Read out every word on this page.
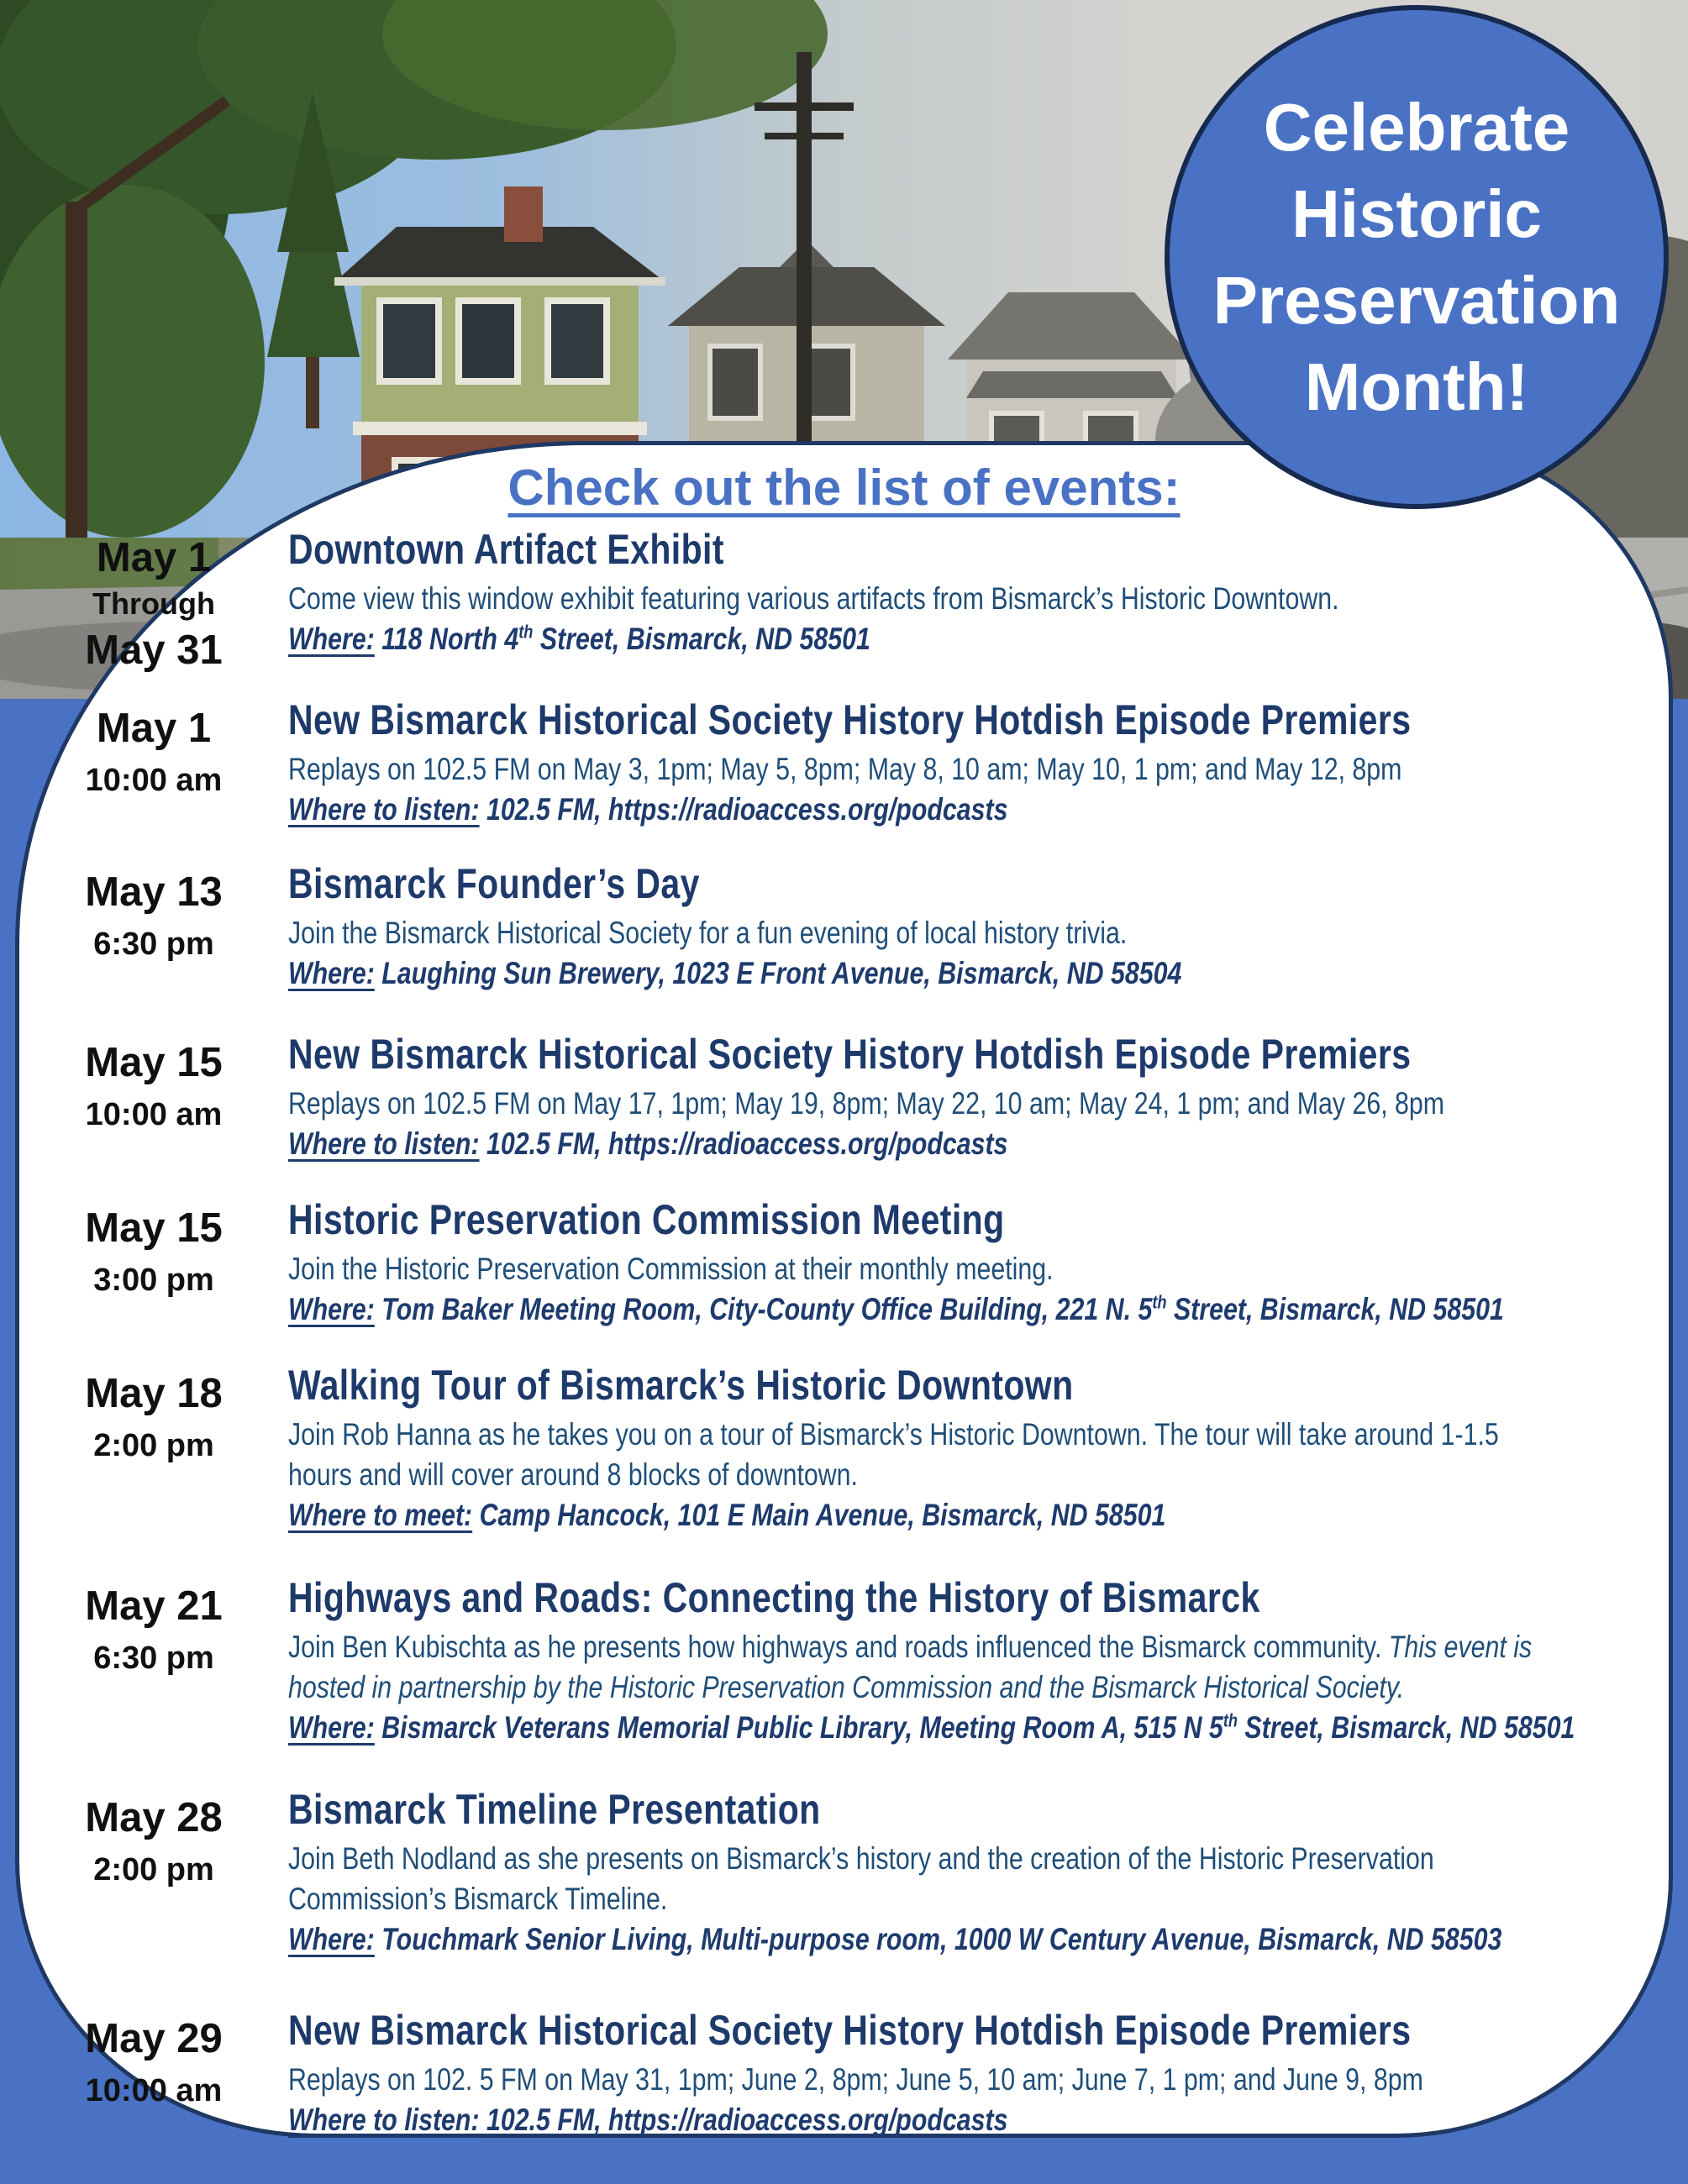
Check out the list of events:
May 1
Through
May 31
Downtown Artifact Exhibit
Come view this window exhibit featuring various artifacts from Bismarck’s Historic Downtown.
Where: 118 North 4th Street, Bismarck, ND 58501
May 1
10:00 am
New Bismarck Historical Society History Hotdish Episode Premiers
Replays on 102.5 FM on May 3, 1pm; May 5, 8pm; May 8, 10 am; May 10, 1 pm; and May 12, 8pm
Where to listen: 102.5 FM, https://radioaccess.org/podcasts
May 13
6:30 pm
Bismarck Founder’s Day
Join the Bismarck Historical Society for a fun evening of local history trivia.
Where: Laughing Sun Brewery, 1023 E Front Avenue, Bismarck, ND 58504
May 15
10:00 am
New Bismarck Historical Society History Hotdish Episode Premiers
Replays on 102.5 FM on May 17, 1pm; May 19, 8pm; May 22, 10 am; May 24, 1 pm; and May 26, 8pm
Where to listen: 102.5 FM, https://radioaccess.org/podcasts
May 15
3:00 pm
Historic Preservation Commission Meeting
Join the Historic Preservation Commission at their monthly meeting.
Where: Tom Baker Meeting Room, City-County Office Building, 221 N. 5th Street, Bismarck, ND 58501
May 18
2:00 pm
Walking Tour of Bismarck’s Historic Downtown
Join Rob Hanna as he takes you on a tour of Bismarck’s Historic Downtown. The tour will take around 1-1.5
hours and will cover around 8 blocks of downtown.
Where to meet: Camp Hancock, 101 E Main Avenue, Bismarck, ND 58501
May 21
6:30 pm
Highways and Roads: Connecting the History of Bismarck
Join Ben Kubischta as he presents how highways and roads influenced the Bismarck community. This event is
hosted in partnership by the Historic Preservation Commission and the Bismarck Historical Society.
Where: Bismarck Veterans Memorial Public Library, Meeting Room A, 515 N 5th Street, Bismarck, ND 58501
May 28
2:00 pm
Bismarck Timeline Presentation
Join Beth Nodland as she presents on Bismarck’s history and the creation of the Historic Preservation
Commission’s Bismarck Timeline.
Where: Touchmark Senior Living, Multi-purpose room, 1000 W Century Avenue, Bismarck, ND 58503
May 29
10:00 am
New Bismarck Historical Society History Hotdish Episode Premiers
Replays on 102. 5 FM on May 31, 1pm; June 2, 8pm; June 5, 10 am; June 7, 1 pm; and June 9, 8pm
Where to listen: 102.5 FM, https://radioaccess.org/podcasts
Celebrate
Historic
Preservation
Month!
